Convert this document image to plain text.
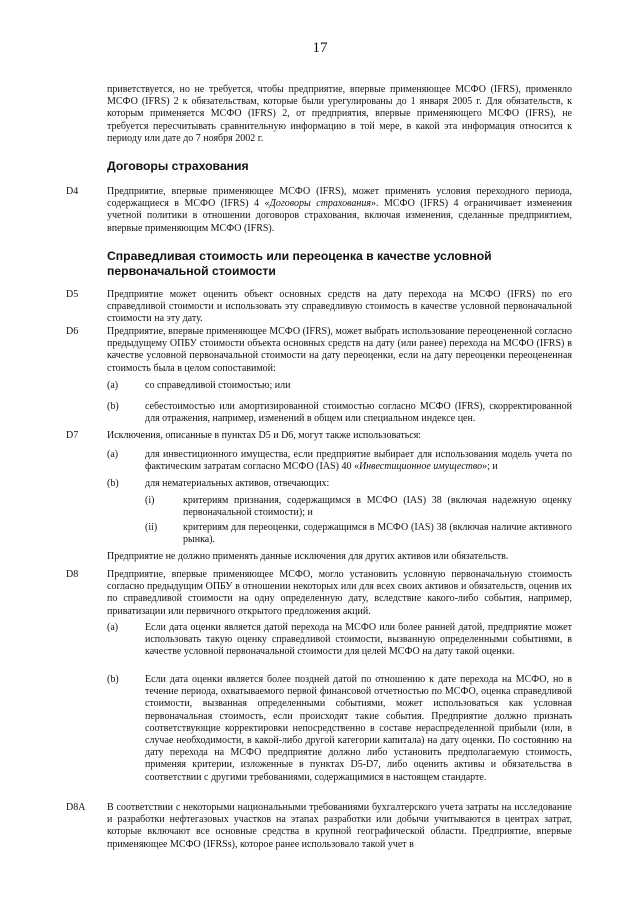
17
приветствуется, но не требуется, чтобы предприятие, впервые применяющее МСФО (IFRS), применяло МСФО (IFRS) 2 к обязательствам, которые были урегулированы до 1 января 2005 г. Для обязательств, к которым применяется МСФО (IFRS) 2, от предприятия, впервые применяющего МСФО (IFRS), не требуется пересчитывать сравнительную информацию в той мере, в какой эта информация относится к периоду или дате до 7 ноября 2002 г.
Договоры страхования
D4	Предприятие, впервые применяющее МСФО (IFRS), может применять условия переходного периода, содержащиеся в МСФО (IFRS) 4 «Договоры страхования». МСФО (IFRS) 4 ограничивает изменения учетной политики в отношении договоров страхования, включая изменения, сделанные предприятием, впервые применяющим МСФО (IFRS).
Справедливая стоимость или переоценка в качестве условной первоначальной стоимости
D5	Предприятие может оценить объект основных средств на дату перехода на МСФО (IFRS) по его справедливой стоимости и использовать эту справедливую стоимость в качестве условной первоначальной стоимости на эту дату.
D6	Предприятие, впервые применяющее МСФО (IFRS), может выбрать использование переоцененной согласно предыдущему ОПБУ стоимости объекта основных средств на дату (или ранее) перехода на МСФО (IFRS) в качестве условной первоначальной стоимости на дату переоценки, если на дату переоценки переоцененная стоимость была в целом сопоставимой:
(a)	со справедливой стоимостью; или
(b)	себестоимостью или амортизированной стоимостью согласно МСФО (IFRS), скорректированной для отражения, например, изменений в общем или специальном индексе цен.
D7	Исключения, описанные в пунктах D5 и D6, могут также использоваться:
(a)	для инвестиционного имущества, если предприятие выбирает для использования модель учета по фактическим затратам согласно МСФО (IAS) 40 «Инвестиционное имущество»; и
(b)	для нематериальных активов, отвечающих:
(i)	критериям признания, содержащимся в МСФО (IAS) 38 (включая надежную оценку первоначальной стоимости); и
(ii)	критериям для переоценки, содержащимся в МСФО (IAS) 38 (включая наличие активного рынка).
Предприятие не должно применять данные исключения для других активов или обязательств.
D8	Предприятие, впервые применяющее МСФО, могло установить условную первоначальную стоимость согласно предыдущим ОПБУ в отношении некоторых или для всех своих активов и обязательств, оценив их по справедливой стоимости на одну определенную дату, вследствие какого-либо события, например, приватизации или первичного открытого предложения акций.
(a)	Если дата оценки является датой перехода на МСФО или более ранней датой, предприятие может использовать такую оценку справедливой стоимости, вызванную определенными событиями, в качестве условной первоначальной стоимости для целей МСФО на дату такой оценки.
(b)	Если дата оценки является более поздней датой по отношению к дате перехода на МСФО, но в течение периода, охватываемого первой финансовой отчетностью по МСФО, оценка справедливой стоимости, вызванная определенными событиями, может использоваться как условная первоначальная стоимость, если происходят такие события. Предприятие должно признать соответствующие корректировки непосредственно в составе нераспределенной прибыли (или, в случае необходимости, в какой-либо другой категории капитала) на дату оценки. По состоянию на дату перехода на МСФО предприятие должно либо установить предполагаемую стоимость, применяя критерии, изложенные в пунктах D5-D7, либо оценить активы и обязательства в соответствии с другими требованиями, содержащимися в настоящем стандарте.
D8A В соответствии с некоторыми национальными требованиями бухгалтерского учета затраты на исследование и разработки нефтегазовых участков на этапах разработки или добычи учитываются в центрах затрат, которые включают все основные средства в крупной географической области. Предприятие, впервые применяющее МСФО (IFRSs), которое ранее использовало такой учет в
